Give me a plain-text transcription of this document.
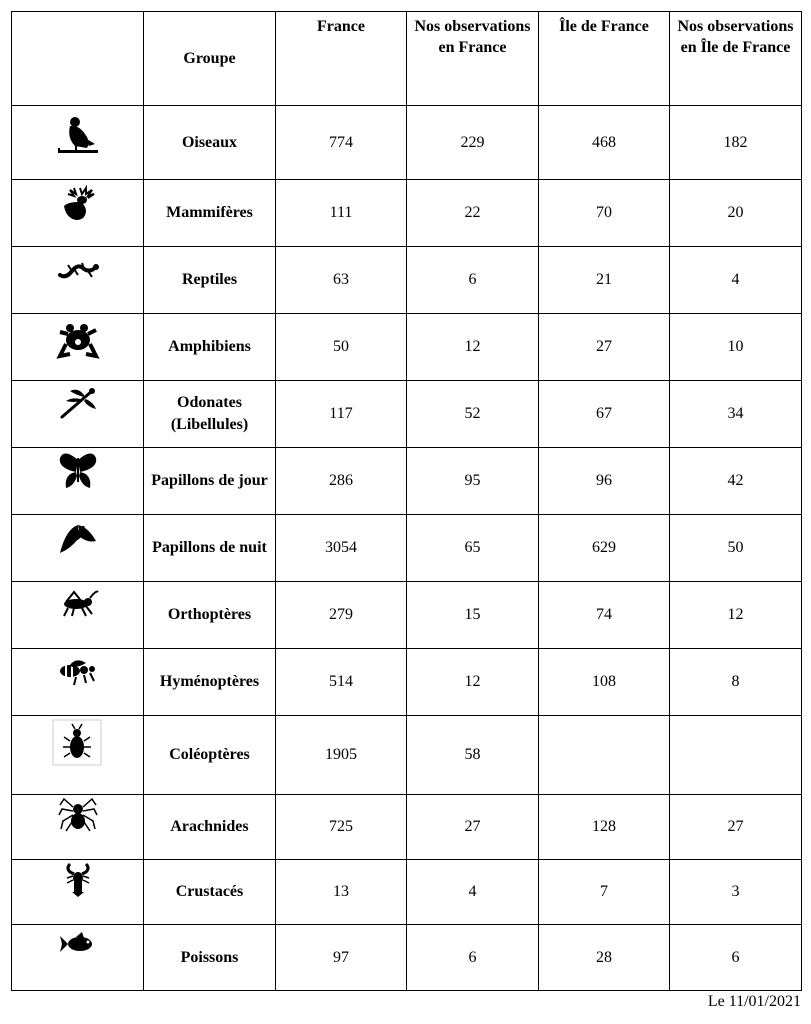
	Groupe	France	Nos observations en France	Île de France	Nos observations en Île de France

	Oiseaux	774	229	468	182

	Mammifères	111	22	70	20

	Reptiles	63	6	21	4

	Amphibiens	50	12	27	10

	Odonates (Libellules)	117	52	67	34

	Papillons de jour	286	95	96	42

	Papillons de nuit	3054	65	629	50

	Orthoptères	279	15	74	12

	Hyménoptères	514	12	108	8

	Coléoptères	1905	58		

	Arachnides	725	27	128	27

	Crustacés	13	4	7	3

	Poissons	97	6	28	6
Le 11/01/2021
